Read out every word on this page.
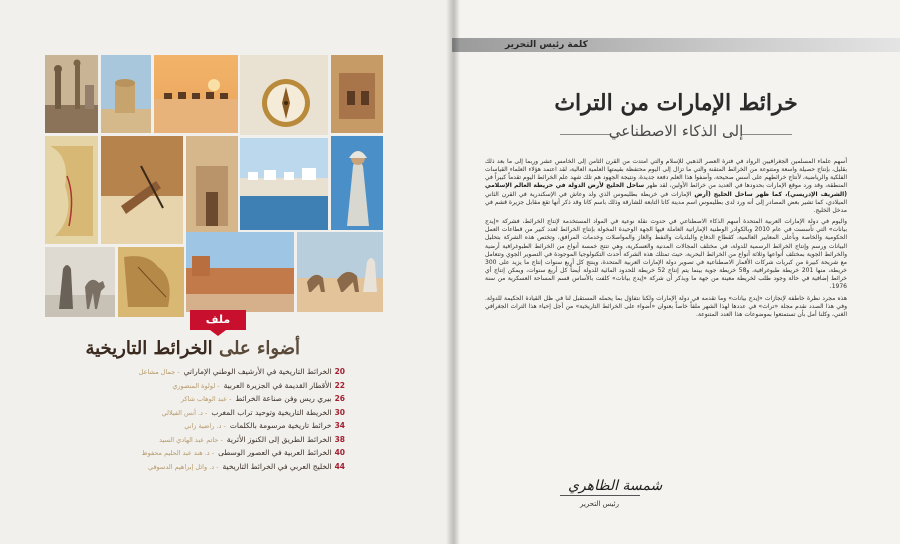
ملف
أضواء على الخرائط التاريخية
20الخرائط التاريخية في الأرشيف الوطني الإماراتي- جمال مشاعل
22الأقطار القديمة في الجزيرة العربية- لولوة المنصوري
26بيري ريس وفن صناعة الخرائط- عبد الوهاب شاكر
30الخريطة التاريخية وتوحيد تراب المغرب- د. أنس الفيلالي
34خرائط تاريخية مرسومة بالكلمات- د. راضية زاني
38الخرائط الطريق إلى الكنوز الأثرية- حاتم عبد الهادي السيد
40الخرائط العربية في العصور الوسطى- د. هند عبد الحليم محفوظ
44الخليج العربي في الخرائط التاريخية- د. وائل إبراهيم الدسوقي
كلمة رئيس التحرير
خرائط الإمارات من التراث
إلى الذكاء الاصطناعي

أسهم علماء المسلمين الجغرافيين الرواد في فترة العصر الذهبي للإسلام والتي امتدت من القرن الثامن إلى الخامس عشر وربما إلى ما بعد ذلك بقليل، بإنتاج حصيلة واسعة ومتنوعة من الخرائط المتقنة والتي ما تزال إلى اليوم محتفظة بقيمتها العلمية العالية، لقد اعتمد هؤلاء العلماء القياسات الفلكية والرياضية، لأنتاج خرائطهم على أسس صحيحة، وأضفوا هذا العلم دفعة جديدة، ونتيجة الجهود هم تلك شهد علم الخرائط اليوم تقدماً كبيراً في المنطقة، وقد ورد موقع الإمارات بحدودها في العديد من خرائط الأولين، لقد ظهر ساحل الخليج لأرض الدولة في خريطة العالم الإسلامي (الشريف الإدريسي)، كما ظهر ساحل الخليج (أرض الإمارات في خريطة بطليموس الذي ولد وعاش في الإسكندرية في القرن الثاني الميلادي، كما تشير بعض المصادر إلى أنه ورد لدى بطليموس اسم مدينة كانا التابعة للشارقة وذلك باسم كانا وقد ذكر أنها تقع مقابل جزيرة قشم في مدخل الخليج.

واليوم في دولة الإمارات العربية المتحدة أسهم الذكاء الاصطناعي في حدوث نقلة نوعية في المواد المستخدمة لإنتاج الخرائط، فشركة «إيدج بيانات» التي تأسست في عام 2010 وبالكوادر الوطنية الإماراتية العاملة فيها الجهة الوحيدة المخولة بإنتاج الخرائط لعدد كبير من قطاعات العمل الحكومية والخاصة وبأعلى المعايير العالمية، كقطاع الدفاع والبلديات والنفط والغاز والمواصلات وخدمات المرافق، وتختص هذه الشركة بتحليل البيانات ورسم وإنتاج الخرائط الرسمية للدولة، في مختلف المجالات المدنية والعسكرية، وهي تنتج خمسة أنواع من الخرائط الطبوغرافية أرضية والخرائط الجوية بمختلف أنواعها وثلاثة أنواع من الخرائط البحرية، حيث تمتلك هذه الشركة أحدث التكنولوجيا الموجودة في التصوير الجوي وتتعامل مع شريحة كبيرة من كبريات شركات الأقمار الاصطناعية في تصوير دولة الإمارات العربية المتحدة، وينتج كل أربع سنوات إنتاج ما يزيد على 300 خريطة، منها 201 خريطة طبوغرافية، و58 خريطة جوية بينما يتم إنتاج 52 خريطة للحدود المائية للدولة أيضاً كل أربع سنوات، ويمكن إنتاج أي خرائط إضافية في حالة وجود طلب لخريطة معينة من جهة ما ويذكر أن شركة «إيدج بيانات» كلفت بالأساس قسم المساحة العسكرية من سنة 1976.

هذه مجرد نظرة خاطفة لإنجازات «إيدج بيانات» وما تقدمه في دولة الإمارات ولكنا نتفاؤل بما يحمله المستقبل لنا في ظل القيادة الحكيمة للدولة. وفي هذا الصدد نقدم مجلة «تراث» في عددها لهذا الشهر ملفاً خاصاً بعنوان «أضواء على الخرائط التاريخية» من أجل إحياء هذا التراث الجغرافي الغني، وكلنا أمل بأن تستمتعوا بموضوعات هذا العدد المتنوعة.

شمسة الظاهري
رئيس التحرير
